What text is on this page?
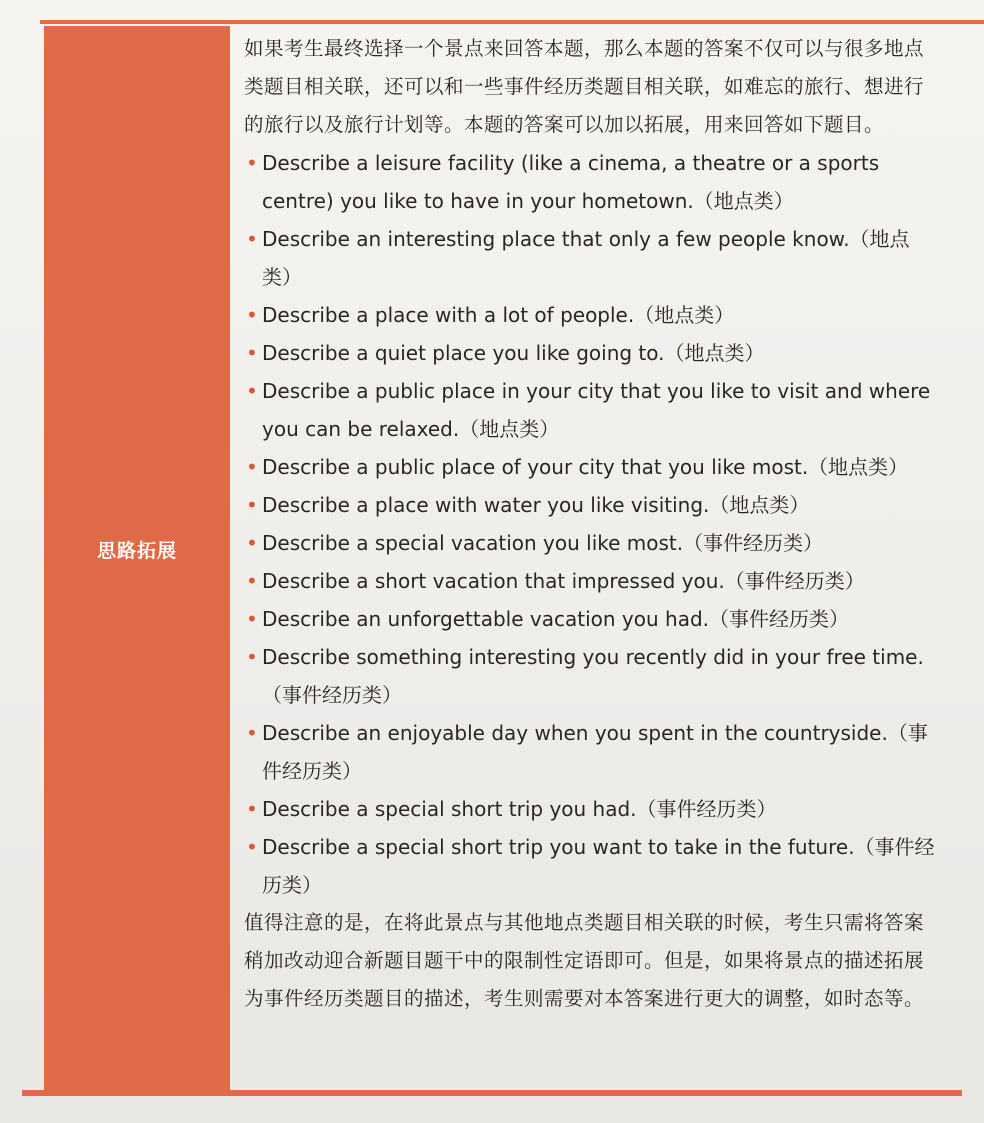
思路拓展

如果考生最终选择一个景点来回答本题，那么本题的答案不仅可以与很多地点类题目相关联，还可以和一些事件经历类题目相关联，如难忘的旅行、想进行的旅行以及旅行计划等。本题的答案可以加以拓展，用来回答如下题目。

• Describe a leisure facility (like a cinema, a theatre or a sports centre) you like to have in your hometown.（地点类）
• Describe an interesting place that only a few people know.（地点类）
• Describe a place with a lot of people.（地点类）
• Describe a quiet place you like going to.（地点类）
• Describe a public place in your city that you like to visit and where you can be relaxed.（地点类）
• Describe a public place of your city that you like most.（地点类）
• Describe a place with water you like visiting.（地点类）
• Describe a special vacation you like most.（事件经历类）
• Describe a short vacation that impressed you.（事件经历类）
• Describe an unforgettable vacation you had.（事件经历类）
• Describe something interesting you recently did in your free time.（事件经历类）
• Describe an enjoyable day when you spent in the countryside.（事件经历类）
• Describe a special short trip you had.（事件经历类）
• Describe a special short trip you want to take in the future.（事件经历类）

值得注意的是，在将此景点与其他地点类题目相关联的时候，考生只需将答案稍加改动迎合新题目题干中的限制性定语即可。但是，如果将景点的描述拓展为事件经历类题目的描述，考生则需要对本答案进行更大的调整，如时态等。
